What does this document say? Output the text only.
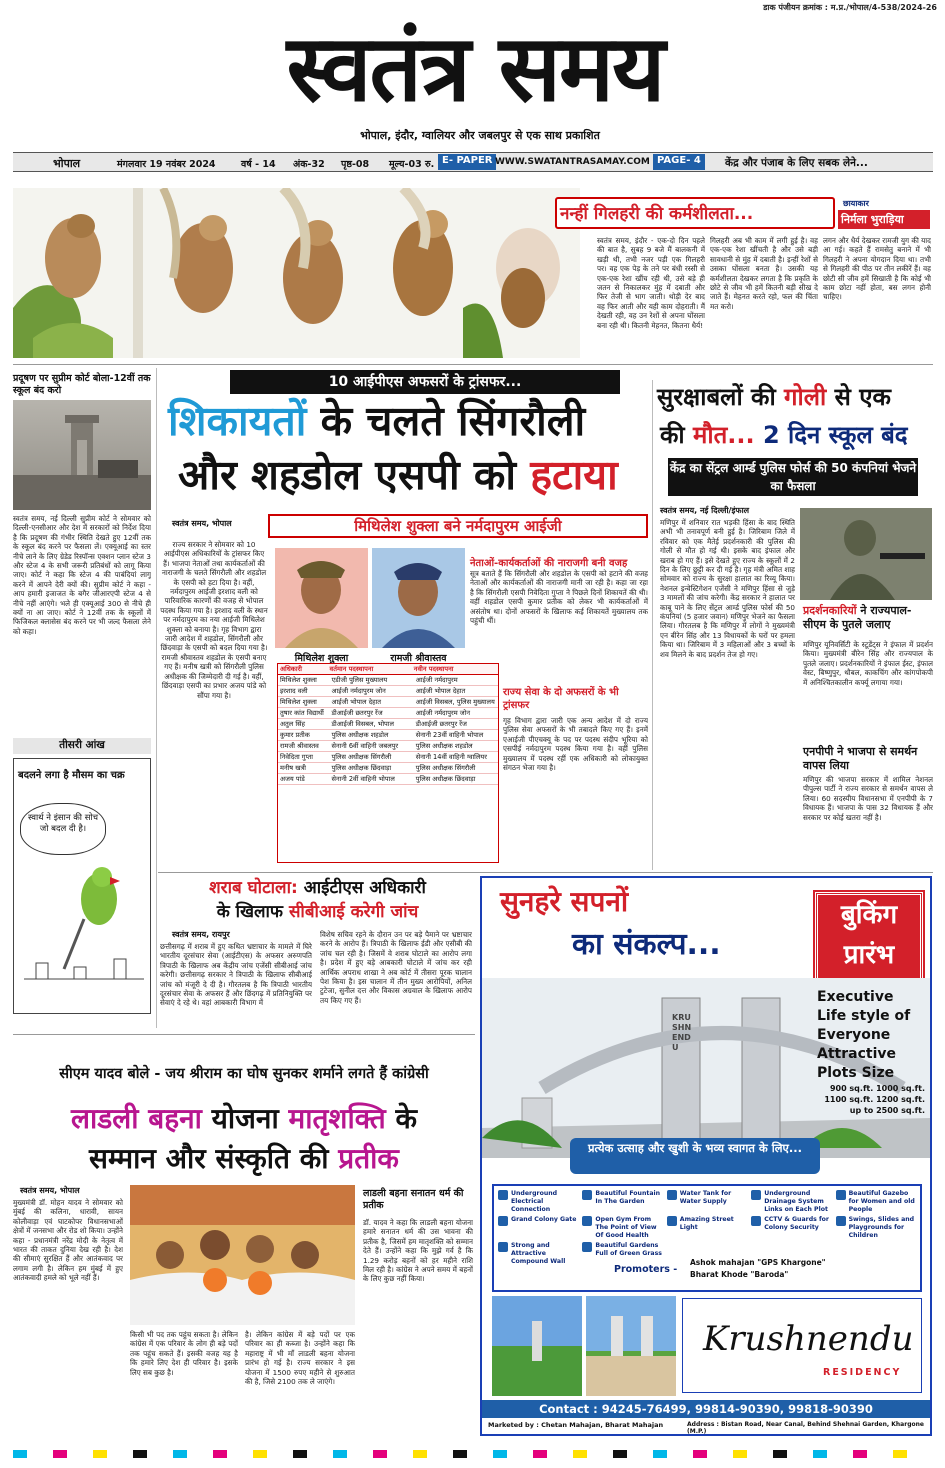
डाक पंजीयन क्रमांक : म.प्र./भोपाल/4-538/2024-26
स्वतंत्र समय
भोपाल, इंदौर, ग्वालियर और जबलपुर से एक साथ प्रकाशित
भोपाल	मंगलवार 19 नवंबर 2024	वर्ष - 14 अंक-32 पृष्ठ-08 मूल्य-03 रु. E- PAPER WWW.SWATANTRASAMAY.COM PAGE- 4	केंद्र और पंजाब के लिए सबक लेने...
नन्हीं गिलहरी की कर्मशीलता...
छायाकार
निर्मला भुराड़िया
स्वतंत्र समय, इंदौर - एक-दो दिन पहले की बात है, सुबह 9 बजे मैं बालकनी में खड़ी थी, तभी नजर पड़ी एक गिलहरी पर। वह एक पेड़ के तने पर बंधी रस्सी से एक-एक रेशा खींच रही थी, उसे बड़े ही जतन से निकालकर मुंह में दबाती और फिर तेजी से भाग जाती। थोड़ी देर बाद वह फिर आती और यही काम दोहराती। मैं देखती रही, वह उन रेशों से अपना घोंसला बना रही थी। कितनी मेहनत, कितना धैर्य!
गिलहरी अब भी काम में लगी हुई है। वह एक-एक रेशा खींचती है और उसे बड़ी सावधानी से मुंह में दबाती है। इन्हीं रेशों से उसका घोंसला बनता है। उसकी यह कर्मशीलता देखकर लगता है कि प्रकृति के छोटे से जीव भी हमें कितनी बड़ी सीख दे जाते हैं। मेहनत करते रहो, फल की चिंता मत करो।
लगन और धैर्य देखकर रामजी युग की याद आ गई। कहते हैं रामसेतु बनाने में भी गिलहरी ने अपना योगदान दिया था। तभी से गिलहरी की पीठ पर तीन लकीरें हैं। वह छोटी सी जीव हमें सिखाती है कि कोई भी काम छोटा नहीं होता, बस लगन होनी चाहिए।
प्रदूषण पर सुप्रीम कोर्ट बोला-12वीं तक स्कूल बंद करो
स्वतंत्र समय, नई दिल्ली सुप्रीम कोर्ट ने सोमवार को दिल्ली-एनसीआर और देश में सरकारों को निर्देश दिया है कि प्रदूषण की गंभीर स्थिति देखते हुए 12वीं तक के स्कूल बंद करने पर फैसला लें। एक्यूआई का स्तर नीचे लाने के लिए ग्रेडेड रिस्पॉन्स एक्शन प्लान स्टेज 3 और स्टेज 4 के सभी जरूरी प्रतिबंधों को लागू किया जाए। कोर्ट ने कहा कि स्टेज 4 की पाबंदियां लागू करने में आपने देरी क्यों की। सुप्रीम कोर्ट ने कहा - आप हमारी इजाजत के बगैर जीआरएपी स्टेज 4 से नीचे नहीं आएंगे। भले ही एक्यूआई 300 से नीचे ही क्यों ना आ जाए। कोर्ट ने 12वीं तक के स्कूलों में फिजिकल क्लासेस बंद करने पर भी जल्द फैसला लेने को कहा।
तीसरी आंख
बदलने लगा है मौसम का चक्र
स्वार्थ ने इंसान की सोच जो बदल दी है।
10 आईपीएस अफसरों के ट्रांसफर...
शिकायतों के चलते सिंगरौली
और शहडोल एसपी को हटाया
स्वतंत्र समय, भोपाल	मिथिलेश शुक्ला बने नर्मदापुरम आईजी
राज्य सरकार ने सोमवार को 10 आईपीएस अधिकारियों के ट्रांसफर किए हैं। भाजपा नेताओं तथा कार्यकर्ताओं की नाराजगी के चलते सिंगरौली और शहडोल के एसपी को हटा दिया है। वहीं, नर्मदापुरम आईजी इरशाद वली को पारिवारिक कारणों की वजह से भोपाल पदस्थ किया गया है। इरशाद वली के स्थान पर नर्मदापुरम का नया आईजी मिथिलेश शुक्ला को बनाया है। गृह विभाग द्वारा जारी आदेश में शहडोल, सिंगरौली और छिंदवाड़ा के एसपी को बदल दिया गया है। रामजी श्रीवास्तव शहडोल के एसपी बनाए गए हैं। मनीष खत्री को सिंगरौली पुलिस अधीक्षक की जिम्मेदारी दी गई है। वहीं, छिंदवाड़ा एसपी का प्रभार अजय पांडे को सौंपा गया है।
मिथिलेश शुक्ला	रामजी श्रीवास्तव
नेताओं-कार्यकर्ताओं की नाराजगी बनी वजह
सूत्र बताते हैं कि सिंगरौली और शहडोल के एसपी को हटाने की वजह नेताओं और कार्यकर्ताओं की नाराजगी मानी जा रही है। कहा जा रहा है कि सिंगरौली एसपी निवेदिता गुप्ता ने पिछले दिनों शिकायतें की थी। वहीं शहडोल एसपी कुमार प्रतीक को लेकर भी कार्यकर्ताओं में असंतोष था। दोनों अफसरों के खिलाफ कई शिकायतें मुख्यालय तक पहुंची थीं।
अधिकारी	वर्तमान पदस्थापना	नवीन पदस्थापना
मिथिलेश शुक्ला	एडीजी पुलिस मुख्यालय	आईजी नर्मदापुरम
इरशाद वली	आईजी नर्मदापुरम जोन	आईजी भोपाल देहात
मिथिलेश शुक्ला	आईजी भोपाल देहात	आईजी विसबल, पुलिस मुख्यालय
तुषार कांत विद्यार्थी	डीआईजी छतरपुर रेंज	आईजी नर्मदापुरम जोन
अतुल सिंह	डीआईजी विसबल, भोपाल	डीआईजी छतरपुर रेंज
कुमार प्रतीक	पुलिस अधीक्षक शहडोल	सेनानी 23वीं वाहिनी भोपाल
रामजी श्रीवास्तव	सेनानी 6वीं वाहिनी जबलपुर	पुलिस अधीक्षक शहडोल
निवेदिता गुप्ता	पुलिस अधीक्षक सिंगरौली	सेनानी 14वीं वाहिनी ग्वालियर
मनीष खत्री	पुलिस अधीक्षक छिंदवाड़ा	पुलिस अधीक्षक सिंगरौली
अजय पांडे	सेनानी 2वीं वाहिनी भोपाल	पुलिस अधीक्षक छिंदवाड़ा
राज्य सेवा के दो अफसरों के भी ट्रांसफर
गृह विभाग द्वारा जारी एक अन्य आदेश में दो राज्य पुलिस सेवा अफसरों के भी तबादले किए गए हैं। इनमें एआईजी पीएचक्यू के पद पर पदस्थ संदीप भूरिया को एसपीई नर्मदापुरम पदस्थ किया गया है। वहीं पुलिस मुख्यालय में पदस्थ रहीं एक अधिकारी को लोकायुक्त संगठन भेजा गया है।
सुरक्षाबलों की गोली से एक
की मौत... 2 दिन स्कूल बंद
केंद्र का सेंट्रल आर्म्ड पुलिस फोर्स की 50 कंपनियां भेजने का फैसला
स्वतंत्र समय, नई दिल्ली/इंफाल
मणिपुर में शनिवार रात भड़की हिंसा के बाद स्थिति अभी भी तनावपूर्ण बनी हुई है। जिरिबाम जिले में रविवार को एक मैतेई प्रदर्शनकारी की पुलिस की गोली से मौत हो गई थी। इसके बाद इंफाल और खराब हो गए हैं। इसे देखते हुए राज्य के स्कूलों में 2 दिन के लिए छुट्टी कर दी गई है। गृह मंत्री अमित शाह सोमवार को राज्य के सुरक्षा हालात का रिव्यू किया। नेशनल इन्वेस्टिगेशन एजेंसी ने मणिपुर हिंसा से जुड़े 3 मामलों की जांच करेगी। केंद्र सरकार ने हालात पर काबू पाने के लिए सेंट्रल आर्म्ड पुलिस फोर्स की 50 कंपनियां (5 हजार जवान) मणिपुर भेजने का फैसला लिया। गौरतलब है कि मणिपुर में लोगों ने मुख्यमंत्री एन बीरेन सिंह और 13 विधायकों के घरों पर हमला किया था। जिरिबाम में 3 महिलाओं और 3 बच्चों के शव मिलने के बाद प्रदर्शन तेज हो गए।
प्रदर्शनकारियों ने राज्यपाल-सीएम के पुतले जलाए
मणिपुर यूनिवर्सिटी के स्टूडेंट्स ने इंफाल में प्रदर्शन किया। मुख्यमंत्री बीरेन सिंह और राज्यपाल के पुतले जलाए। प्रदर्शनकारियों ने इंफाल ईस्ट, इंफाल वेस्ट, बिष्णुपुर, थौबल, काकचिंग और कांगपोकपी में अनिश्चितकालीन कर्फ्यू लगाया गया।
एनपीपी ने भाजपा से समर्थन वापस लिया
मणिपुर की भाजपा सरकार में शामिल नेशनल पीपुल्स पार्टी ने राज्य सरकार से समर्थन वापस ले लिया। 60 सदस्यीय विधानसभा में एनपीपी के 7 विधायक हैं। भाजपा के पास 32 विधायक हैं और सरकार पर कोई खतरा नहीं है।
शराब घोटाला: आईटीएस अधिकारी
के खिलाफ सीबीआई करेगी जांच
स्वतंत्र समय, रायपुर
छत्तीसगढ़ में शराब में हुए कथित भ्रष्टाचार के मामले में घिरे भारतीय दूरसंचार सेवा (आईटीएस) के अफसर अरुणपति त्रिपाठी के खिलाफ अब केंद्रीय जांच एजेंसी सीबीआई जांच करेगी। छत्तीसगढ़ सरकार ने त्रिपाठी के खिलाफ सीबीआई जांच को मंजूरी दे दी है। गौरतलब है कि त्रिपाठी भारतीय दूरसंचार सेवा के अफसर हैं और छिंदगढ़ में प्रतिनियुक्ति पर सेवाएं दे रहे थे। वहां आबकारी विभाग में
विशेष सचिव रहने के दौरान उन पर बड़े पैमाने पर भ्रष्टाचार करने के आरोप हैं। त्रिपाठी के खिलाफ ईडी और एसीबी की जांच चल रही है। जिसमें वे शराब घोटाले का आरोप लगा है। प्रदेश में हुए बड़े आबकारी घोटाले में जांच कर रही आर्थिक अपराध शाखा ने अब कोर्ट में तीसरा पूरक चालान पेश किया है। इस चालान में तीन मुख्य आरोपियों, अनिल टुटेजा, सुनील दत्त और विकास अग्रवाल के खिलाफ आरोप तय किए गए हैं।
सीएम यादव बोले - जय श्रीराम का घोष सुनकर शर्माने लगते हैं कांग्रेसी
लाडली बहना योजना मातृशक्ति के
सम्मान और संस्कृति की प्रतीक
स्वतंत्र समय, भोपाल
मुख्यमंत्री डॉ. मोहन यादव ने सोमवार को मुंबई की कलिना, धारावी, सायन कोलीवाड़ा एवं घाटकोपर विधानसभाओं क्षेत्रों में जनसभा और रोड शो किया। उन्होंने कहा - प्रधानमंत्री नरेंद्र मोदी के नेतृत्व में भारत की ताकत दुनिया देख रही है। देश की सीमाएं सुरक्षित हैं और आतंकवाद पर लगाम लगी है। लेकिन हम मुंबई में हुए आतंकवादी हमले को भूले नहीं हैं।
किसी भी पद तक पहुंच सकता है। लेकिन कांग्रेस में एक परिवार के लोग ही बड़े पदों तक पहुंच सकते हैं। इसकी वजह यह है कि हमारे लिए देश ही परिवार है। इसके लिए सब कुछ है।
है। लेकिन कांग्रेस में बड़े पदों पर एक परिवार का ही कब्जा है। उन्होंने कहा कि महाराष्ट्र में भी माँ लाडली बहना योजना प्रारंभ हो गई है। राज्य सरकार ने इस योजना में 1500 रुपए महीने से शुरुआत की है, जिसे 2100 तक ले जाएंगे।
लाडली बहना सनातन धर्म की प्रतीक
डॉ. यादव ने कहा कि लाडली बहना योजना हमारे सनातन धर्म की उस भावना की प्रतीक है, जिसमें हम मातृशक्ति को सम्मान देते हैं। उन्होंने कहा कि मुझे गर्व है कि 1.29 करोड़ बहनों को हर महीने राशि मिल रही है। कांग्रेस ने अपने समय में बहनों के लिए कुछ नहीं किया।
सुनहरे सपनों
का संकल्प...
बुकिंग
प्रारंभ
KRUSHNENDU
Executive Life style of Everyone Attractive Plots Size
900 sq.ft. 1000 sq.ft. 1100 sq.ft. 1200 sq.ft. up to 2500 sq.ft.
प्रत्येक उत्साह और खुशी के भव्य स्वागत के लिए...
Underground Electrical Connection
Beautiful Fountain In The Garden
Water Tank for Water Supply
Underground Drainage System Links on Each Plot
Beautiful Gazebo for Women and old People
Grand Colony Gate	Open Gym From The Point of View Of Good Health
Amazing Street Light
CCTV & Guards for Colony Security
Swings, Slides and Playgrounds for Children
Strong and Attractive Compound Wall
Beautiful Gardens Full of Green Grass
Promoters -
Ashok mahajan "GPS Khargone"
Bharat Khode "Baroda"
Krushnendu
RESIDENCY
Contact : 94245-76499, 99814-90390, 99818-90390
Marketed by : Chetan Mahajan, Bharat Mahajan	Address : Bistan Road, Near Canal, Behind Shehnai Garden, Khargone (M.P.)
